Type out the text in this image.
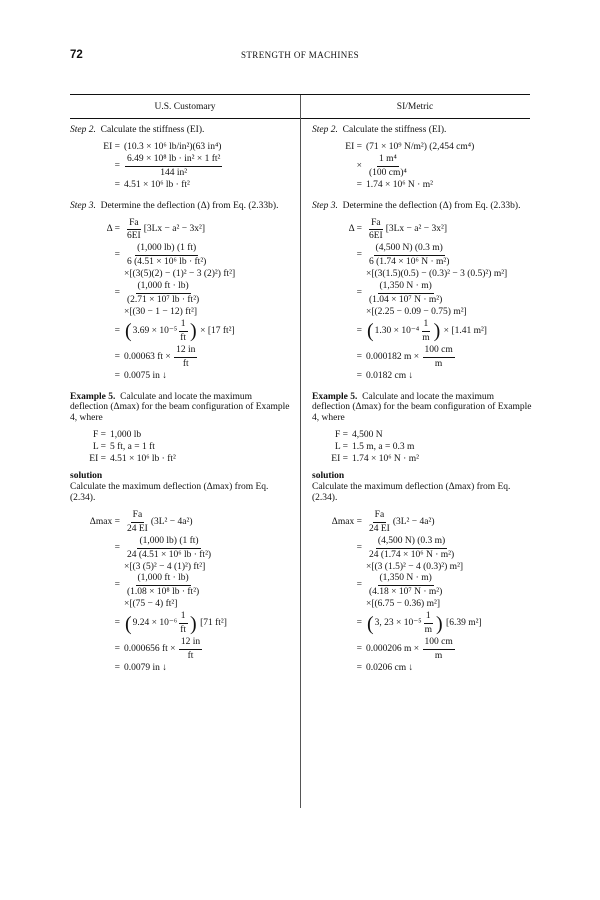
72	STRENGTH OF MACHINES
U.S. Customary	SI/Metric

Step 2. Calculate the stiffness (EI).

EI = (10.3 × 10⁶ lb/in²)(63 in⁴)
= $\frac{\text{6.49 × 10⁸ lb · in² × 1 ft²}}{\text{144 in²}}$
= 4.51 × 10⁶ lb · ft²

Step 3. Determine the deflection (Δ) from Eq. (2.33b).

$\Delta = \frac{Fa}{6EI} [3Lx - a^2 - 3x^2]$
= $\frac{(1,000 lb) (1 ft)}{\text{6 (4.51 × 10⁶ lb · ft²)}}$
×[(3(5)(2) − (1)² − 3 (2)²) ft²]
= $\frac{(1,000 ft \cdot lb)}{\text{(2.71 × 10⁷ lb · ft²)}}$
×[(30 − 1 − 12) ft²]
= ( $3.69 \times 10^{-5} \frac{1}{ft}$ )
× [17 ft²]
= 0.00063 ft ×
$\frac{12 in}{ft}$
= 0.0075 in ↓

Example 5. Calculate and locate the maximum deflection (Δmax) for the beam configuration of Example 4, where

F = 1,000 lb
L = 5 ft, a = 1 ft
EI = 4.51 × 10⁶ lb · ft²

solution

Calculate the maximum deflection (Δmax) from Eq. (2.34).

$\Delta\max = \frac{Fa}{24 EI} (3L^2 - 4a^2)$
= $\frac{(1,000 lb) (1 ft)}{\text{24 (4.51 × 10⁶ lb · ft²)}}$
×[(3 (5)² − 4 (1)²) ft²]
= $\frac{(1,000 ft \cdot lb)}{\text{(1.08 × 10⁸ lb · ft²)}}$
×[(75 − 4) ft²]
= ( $9.24 \times 10^{-6} \frac{1}{ft}$ )
[71 ft²]
= 0.000656 ft ×
$\frac{12 in}{ft}$
= 0.0079 in ↓

Step 2. Calculate the stiffness (EI).

EI = (71 × 10⁹ N/m²) (2,454 cm⁴)
× $\frac{\text{1 m⁴}}{\text{(100 cm)⁴}}$
= 1.74 × 10⁶ N · m²

Step 3. Determine the deflection (Δ) from Eq. (2.33b).

$\Delta = \frac{Fa}{6EI} [3Lx - a^2 - 3x^2]$
= $\frac{(4,500 N) (0.3 m)}{\text{6 (1.74 × 10⁶ N · m²)}}$
×[(3(1.5)(0.5) − (0.3)² − 3 (0.5)²) m²]
= $\frac{(1,350 N \cdot m)}{\text{(1.04 × 10⁷ N · m²)}}$
×[(2.25 − 0.09 − 0.75) m²]
= ( $1.30 \times 10^{-4} \frac{1}{m}$ )
× [1.41 m²]
= 0.000182 m ×
$\frac{100 cm}{m}$
= 0.0182 cm ↓

Example 5. Calculate and locate the maximum deflection (Δmax) for the beam configuration of Example 4, where

F = 4,500 N
L = 1.5 m, a = 0.3 m
EI = 1.74 × 10⁶ N · m²

solution

Calculate the maximum deflection (Δmax) from Eq. (2.34).

$\Delta\max = \frac{Fa}{24 EI} (3L^2 - 4a^2)$
= $\frac{(4,500 N) (0.3 m)}{\text{24 (1.74 × 10⁶ N · m²)}}$
×[(3 (1.5)² − 4 (0.3)²) m²]
= $\frac{(1,350 N \cdot m)}{\text{(4.18 × 10⁷ N · m²)}}$
×[(6.75 − 0.36) m²]
= ( 3, $23 \times 10^{-5} \frac{1}{m}$ )
[6.39 m²]
= 0.000206 m ×
$\frac{100 cm}{m}$
= 0.0206 cm ↓
